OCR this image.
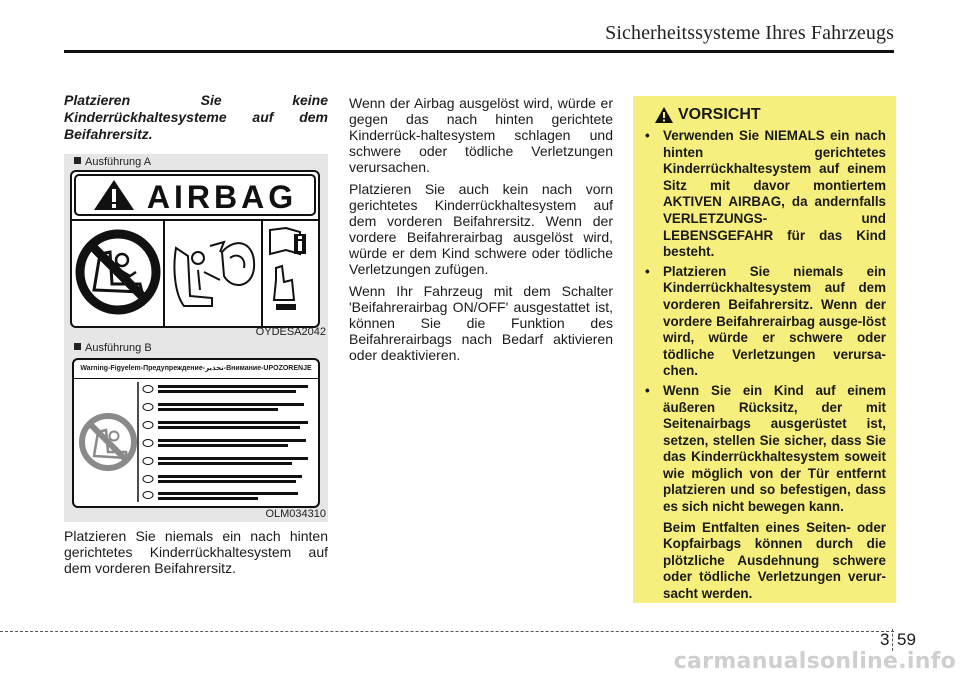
Sicherheitssysteme Ihres Fahrzeugs

Platzieren	Sie	keine
Kinderrückhaltesysteme auf dem Beifahrersitz.

Ausführung A
AIRBAG
OYDESA2042
Ausführung B
Warning-Figyelem-Предупреждение-تحذير-Внимание-UPOZORENJE
OLM034310

Platzieren Sie niemals ein nach hinten gerichtetes Kinderrückhaltesystem auf dem vorderen Beifahrersitz.

Wenn der Airbag ausgelöst wird, würde er gegen das nach hinten gerichtete Kinderrück-haltesystem schlagen und schwere oder tödliche Verletzungen verursachen.

Platzieren Sie auch kein nach vorn gerichtetes Kinderrückhaltesystem auf dem vorderen Beifahrersitz. Wenn der vordere Beifahrerairbag ausgelöst wird, würde er dem Kind schwere oder tödliche Verletzungen zufügen.

Wenn Ihr Fahrzeug mit dem Schalter 'Beifahrerairbag ON/OFF' ausgestattet ist, können Sie die Funktion des Beifahrerairbags nach Bedarf aktivieren oder deaktivieren.

VORSICHT
• Verwenden Sie NIEMALS ein nach hinten gerichtetes Kinderrückhaltesystem auf einem Sitz mit davor montiertem AKTIVEN AIRBAG, da andernfalls VERLETZUNGS- und LEBENSGEFAHR für das Kind besteht.
• Platzieren Sie niemals ein Kinderrückhaltesystem auf dem vorderen Beifahrersitz. Wenn der vordere Beifahrerairbag ausge-löst wird, würde er schwere oder tödliche Verletzungen verursa-chen.
• Wenn Sie ein Kind auf einem äußeren Rücksitz, der mit Seitenairbags ausgerüstet ist, setzen, stellen Sie sicher, dass Sie das Kinderrückhaltesystem soweit wie möglich von der Tür entfernt platzieren und so befestigen, dass es sich nicht bewegen kann.
Beim Entfalten eines Seiten- oder Kopfairbags können durch die plötzliche Ausdehnung schwere oder tödliche Verletzungen verur-sacht werden.
3 59
carmanualsonline.info
